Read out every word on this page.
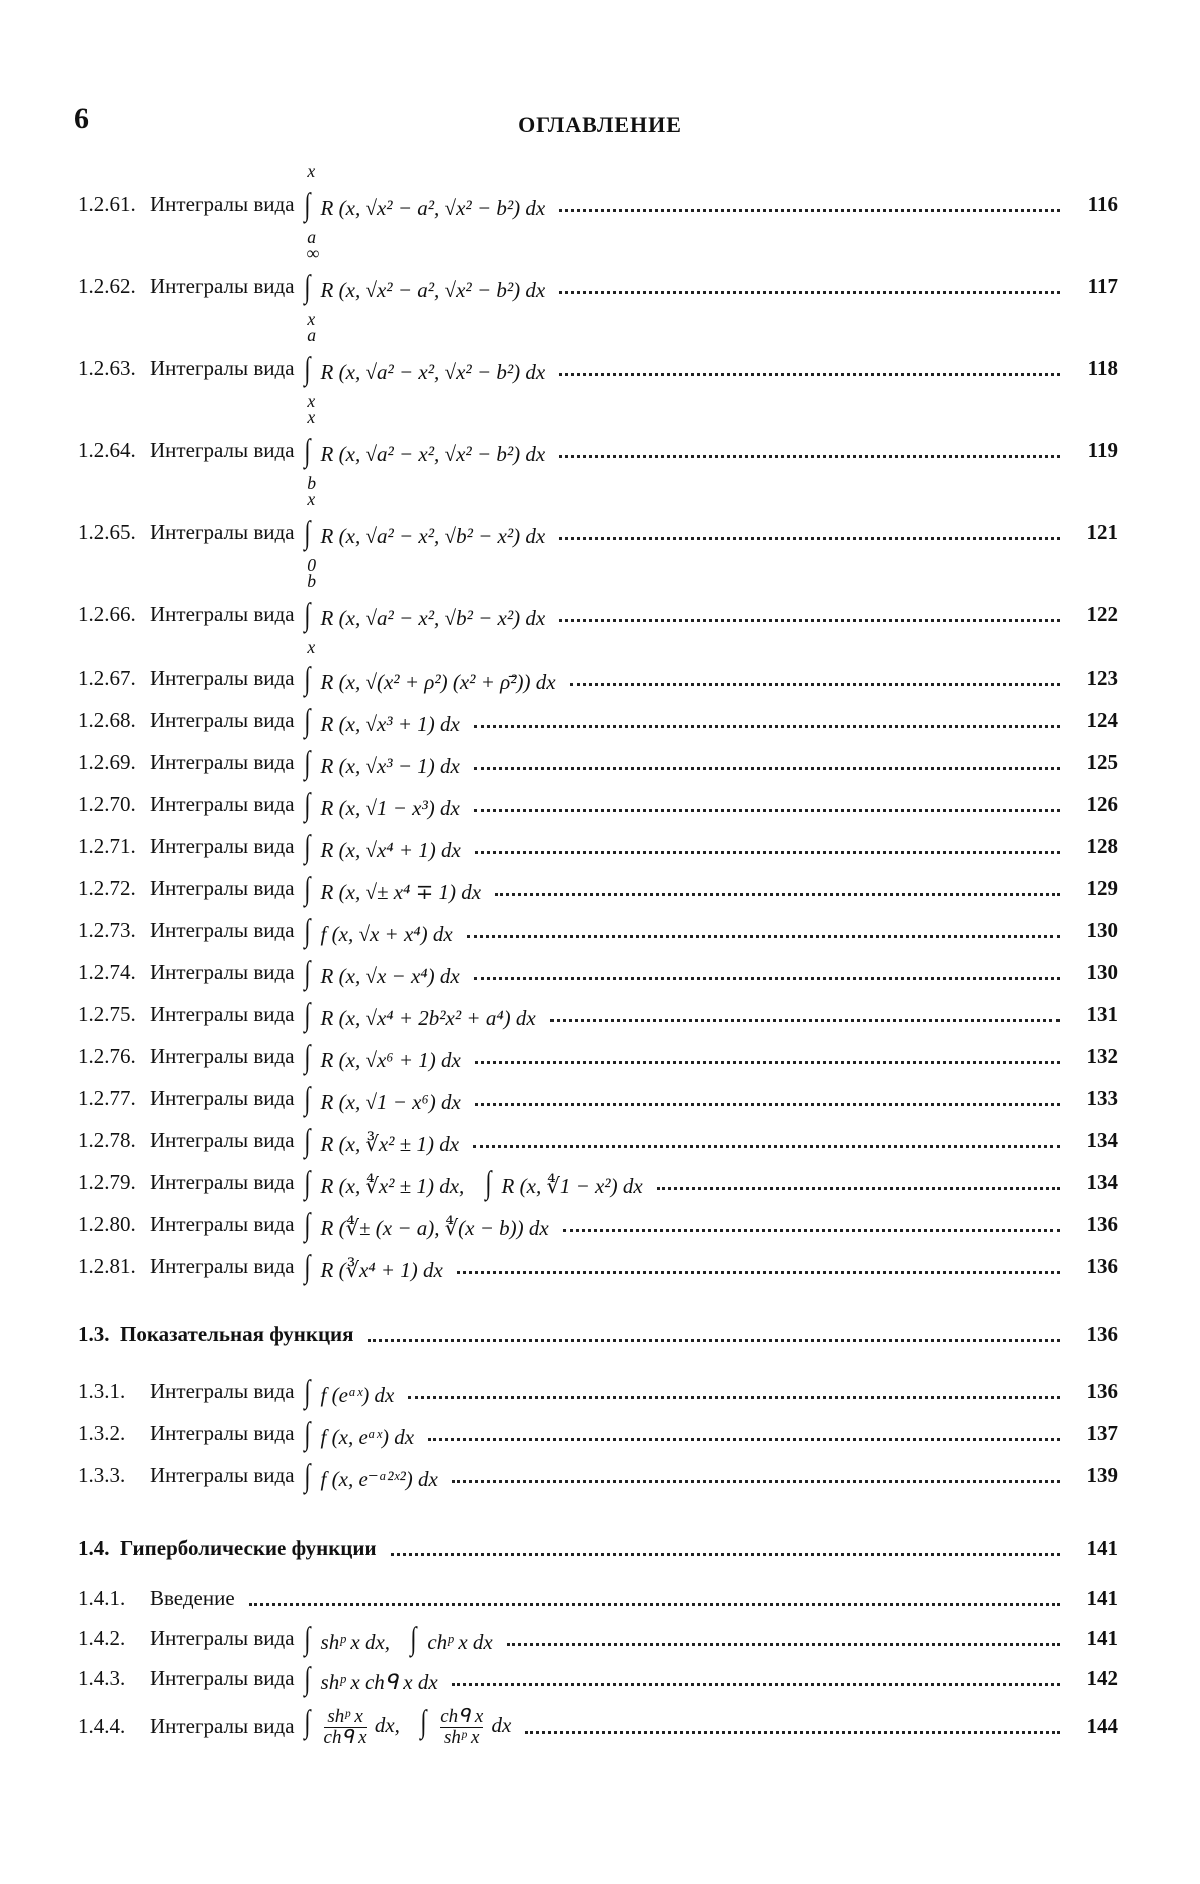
6	ОГЛАВЛЕНИЕ
1.2.61. Интегралы вида ∫
x
a
R (x, √x² − a², √x² − b²) dx	116
1.2.62. Интегралы вида ∫
∞
x
R (x, √x² − a², √x² − b²) dx	117
1.2.63. Интегралы вида ∫
a
x
R (x, √a² − x², √x² − b²) dx	118
1.2.64. Интегралы вида ∫
x
b
R (x, √a² − x², √x² − b²) dx	119
1.2.65. Интегралы вида ∫
x
0
R (x, √a² − x², √b² − x²) dx	121
1.2.66. Интегралы вида ∫
b
x
R (x, √a² − x², √b² − x²) dx	122
1.2.67. Интегралы вида ∫ R (x, √(x² + ρ²) (x² + ρ̄²)) dx	123
1.2.68. Интегралы вида ∫ R (x, √x³ + 1) dx	124
1.2.69. Интегралы вида ∫ R (x, √x³ − 1) dx	125
1.2.70. Интегралы вида ∫ R (x, √1 − x³) dx	126
1.2.71. Интегралы вида ∫ R (x, √x⁴ + 1) dx	128
1.2.72. Интегралы вида ∫ R (x, √± x⁴ ∓ 1) dx	129
1.2.73. Интегралы вида ∫ f (x, √x + x⁴) dx	130
1.2.74. Интегралы вида ∫ R (x, √x − x⁴) dx	130
1.2.75. Интегралы вида ∫ R (x, √x⁴ + 2b²x² + a⁴) dx	131
1.2.76. Интегралы вида ∫ R (x, √x⁶ + 1) dx	132
1.2.77. Интегралы вида ∫ R (x, √1 − x⁶) dx	133
1.2.78. Интегралы вида ∫ R (x, ∛x² ± 1) dx	134
1.2.79. Интегралы вида ∫ R (x, ∜x² ± 1) dx, ∫ R (x, ∜1 − x²) dx	134
1.2.80. Интегралы вида ∫ R (∜± (x − a), ∜(x − b)) dx	136
1.2.81. Интегралы вида ∫ R (∛x⁴ + 1) dx	136
1.3. Показательная функция	136
1.3.1.	Интегралы вида ∫ f (eᵃˣ) dx	136
1.3.2.	Интегралы вида ∫ f (x, eᵃˣ) dx	137
1.3.3.	Интегралы вида ∫ f (x, e⁻ᵃ²ˣ²) dx	139
1.4. Гиперболические функции	141
1.4.1.	Введение	141
1.4.2.	Интегралы вида ∫ shᵖ x dx, ∫ chᵖ x dx	141
1.4.3.	Интегралы вида ∫ shᵖ x chᑫ x dx	142
1.4.4.	Интегралы вида ∫ $\frac{\text{shᵖ x}}{\text{chᑫ x}}$ dx, ∫ $\frac{\text{chᑫ x}}{\text{shᵖ x}}$ dx	144
